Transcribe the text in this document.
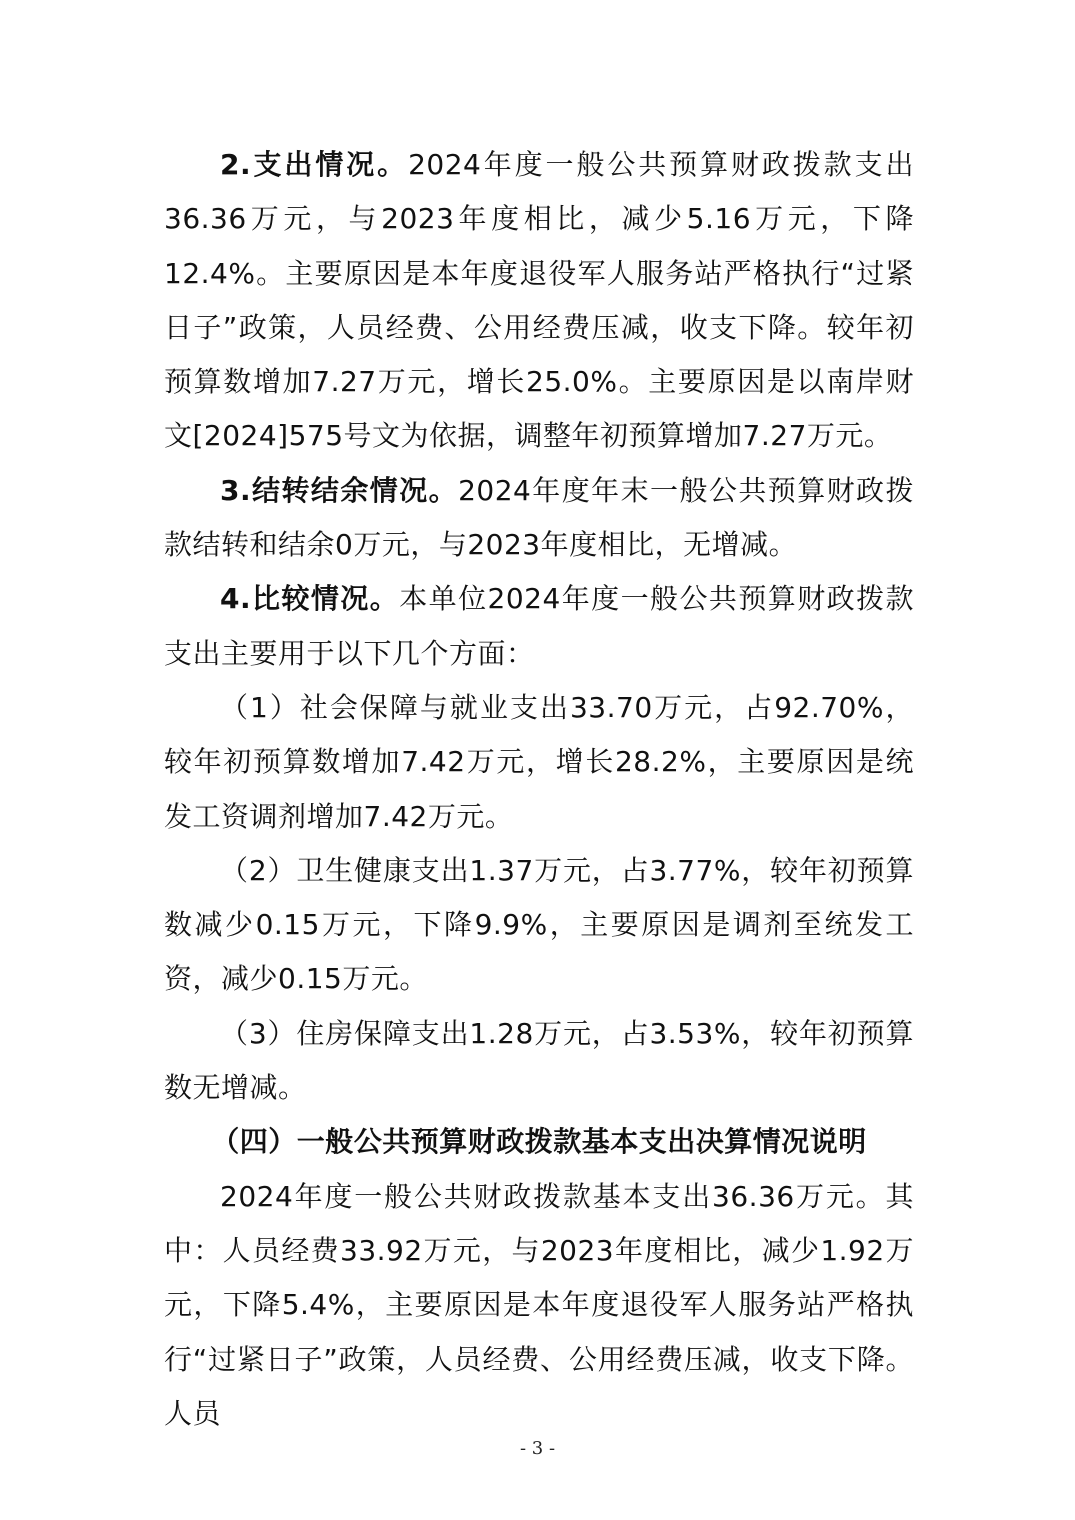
2.支出情况。2024年度一般公共预算财政拨款支出36.36万元，与2023年度相比，减少5.16万元，下降12.4%。主要原因是本年度退役军人服务站严格执行“过紧日子”政策，人员经费、公用经费压减，收支下降。较年初预算数增加7.27万元，增长25.0%。主要原因是以南岸财文[2024]575号文为依据，调整年初预算增加7.27万元。

3.结转结余情况。2024年度年末一般公共预算财政拨款结转和结余0万元，与2023年度相比，无增减。

4.比较情况。本单位2024年度一般公共预算财政拨款支出主要用于以下几个方面：

（1）社会保障与就业支出33.70万元，占92.70%，较年初预算数增加7.42万元，增长28.2%，主要原因是统发工资调剂增加7.42万元。

（2）卫生健康支出1.37万元，占3.77%，较年初预算数减少0.15万元，下降9.9%，主要原因是调剂至统发工资，减少0.15万元。

（3）住房保障支出1.28万元，占3.53%，较年初预算数无增减。

（四）一般公共预算财政拨款基本支出决算情况说明

2024年度一般公共财政拨款基本支出36.36万元。其中：人员经费33.92万元，与2023年度相比，减少1.92万元，下降5.4%，主要原因是本年度退役军人服务站严格执行“过紧日子”政策，人员经费、公用经费压减，收支下降。人员

- 3 -
